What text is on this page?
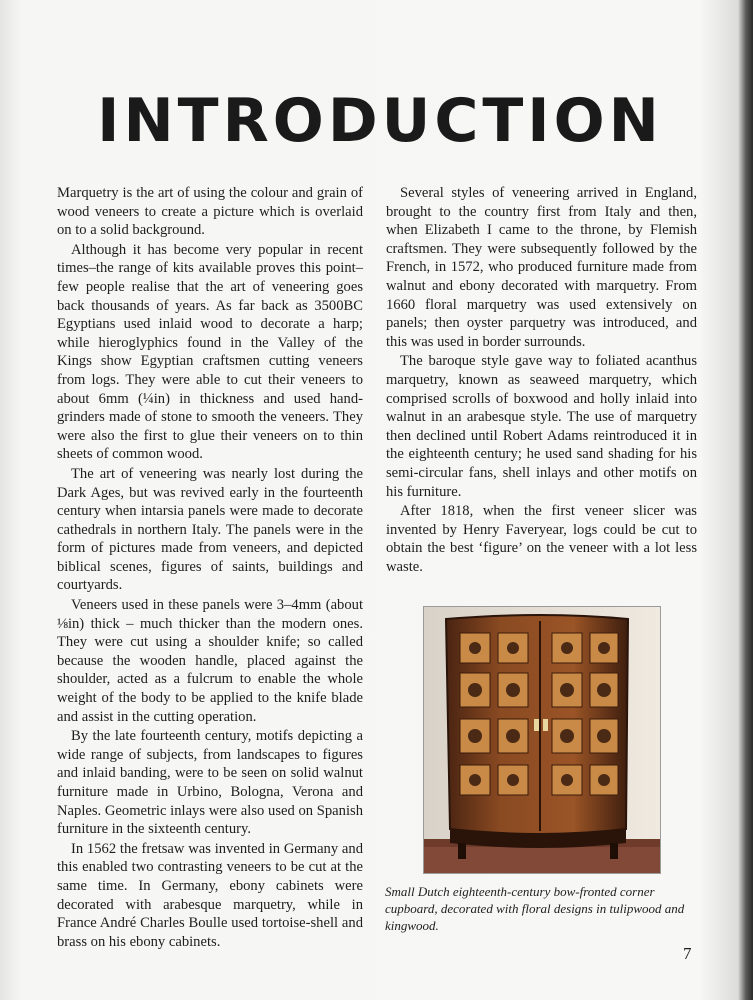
INTRODUCTION

Marquetry is the art of using the colour and grain of wood veneers to create a picture which is overlaid on to a solid background.

Although it has become very popular in recent times–the range of kits available proves this point–few people realise that the art of veneering goes back thousands of years. As far back as 3500BC Egyptians used inlaid wood to decorate a harp; while hieroglyphics found in the Valley of the Kings show Egyptian craftsmen cutting veneers from logs. They were able to cut their veneers to about 6mm (¼in) in thickness and used hand-grinders made of stone to smooth the veneers. They were also the first to glue their veneers on to thin sheets of common wood.

The art of veneering was nearly lost during the Dark Ages, but was revived early in the fourteenth century when intarsia panels were made to decorate cathedrals in northern Italy. The panels were in the form of pictures made from veneers, and depicted biblical scenes, figures of saints, buildings and courtyards.

Veneers used in these panels were 3–4mm (about ⅛in) thick – much thicker than the modern ones. They were cut using a shoulder knife; so called because the wooden handle, placed against the shoulder, acted as a fulcrum to enable the whole weight of the body to be applied to the knife blade and assist in the cutting operation.

By the late fourteenth century, motifs depicting a wide range of subjects, from landscapes to figures and inlaid banding, were to be seen on solid walnut furniture made in Urbino, Bologna, Verona and Naples. Geometric inlays were also used on Spanish furniture in the sixteenth century.

In 1562 the fretsaw was invented in Germany and this enabled two contrasting veneers to be cut at the same time. In Germany, ebony cabinets were decorated with arabesque marquetry, while in France André Charles Boulle used tortoise-shell and brass on his ebony cabinets.

Several styles of veneering arrived in England, brought to the country first from Italy and then, when Elizabeth I came to the throne, by Flemish craftsmen. They were subsequently followed by the French, in 1572, who produced furniture made from walnut and ebony decorated with marquetry. From 1660 floral marquetry was used extensively on panels; then oyster parquetry was introduced, and this was used in border surrounds.

The baroque style gave way to foliated acanthus marquetry, known as seaweed marquetry, which comprised scrolls of boxwood and holly inlaid into walnut in an arabesque style. The use of marquetry then declined until Robert Adams reintroduced it in the eighteenth century; he used sand shading for his semi-circular fans, shell inlays and other motifs on his furniture.

After 1818, when the first veneer slicer was invented by Henry Faveryear, logs could be cut to obtain the best ‘figure’ on the veneer with a lot less waste.

Small Dutch eighteenth-century bow-fronted corner cupboard, decorated with floral designs in tulipwood and kingwood.
7
